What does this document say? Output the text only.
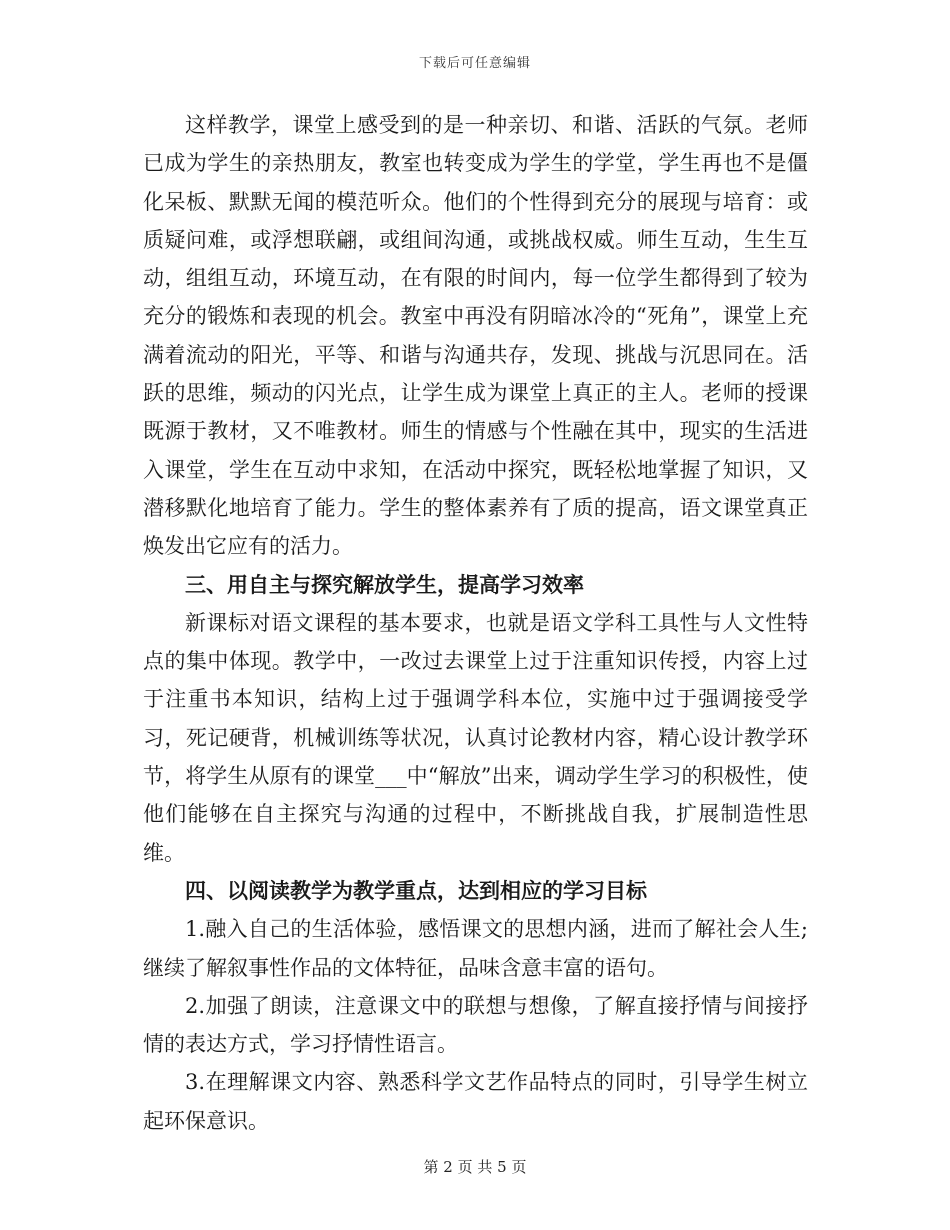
下载后可任意编辑

这样教学，课堂上感受到的是一种亲切、和谐、活跃的气氛。老师已成为学生的亲热朋友，教室也转变成为学生的学堂，学生再也不是僵化呆板、默默无闻的模范听众。他们的个性得到充分的展现与培育：或质疑问难，或浮想联翩，或组间沟通，或挑战权威。师生互动，生生互动，组组互动，环境互动，在有限的时间内，每一位学生都得到了较为充分的锻炼和表现的机会。教室中再没有阴暗冰冷的“死角”，课堂上充满着流动的阳光，平等、和谐与沟通共存，发现、挑战与沉思同在。活跃的思维，频动的闪光点，让学生成为课堂上真正的主人。老师的授课既源于教材，又不唯教材。师生的情感与个性融在其中，现实的生活进入课堂，学生在互动中求知，在活动中探究，既轻松地掌握了知识，又潜移默化地培育了能力。学生的整体素养有了质的提高，语文课堂真正焕发出它应有的活力。

三、用自主与探究解放学生，提高学习效率

新课标对语文课程的基本要求，也就是语文学科工具性与人文性特点的集中体现。教学中，一改过去课堂上过于注重知识传授，内容上过于注重书本知识，结构上过于强调学科本位，实施中过于强调接受学习，死记硬背，机械训练等状况，认真讨论教材内容，精心设计教学环节，将学生从原有的课堂___中“解放”出来，调动学生学习的积极性，使他们能够在自主探究与沟通的过程中，不断挑战自我，扩展制造性思维。

四、以阅读教学为教学重点，达到相应的学习目标

1.融入自己的生活体验，感悟课文的思想内涵，进而了解社会人生;继续了解叙事性作品的文体特征，品味含意丰富的语句。

2.加强了朗读，注意课文中的联想与想像，了解直接抒情与间接抒情的表达方式，学习抒情性语言。

3.在理解课文内容、熟悉科学文艺作品特点的同时，引导学生树立起环保意识。

第 2 页 共 5 页
